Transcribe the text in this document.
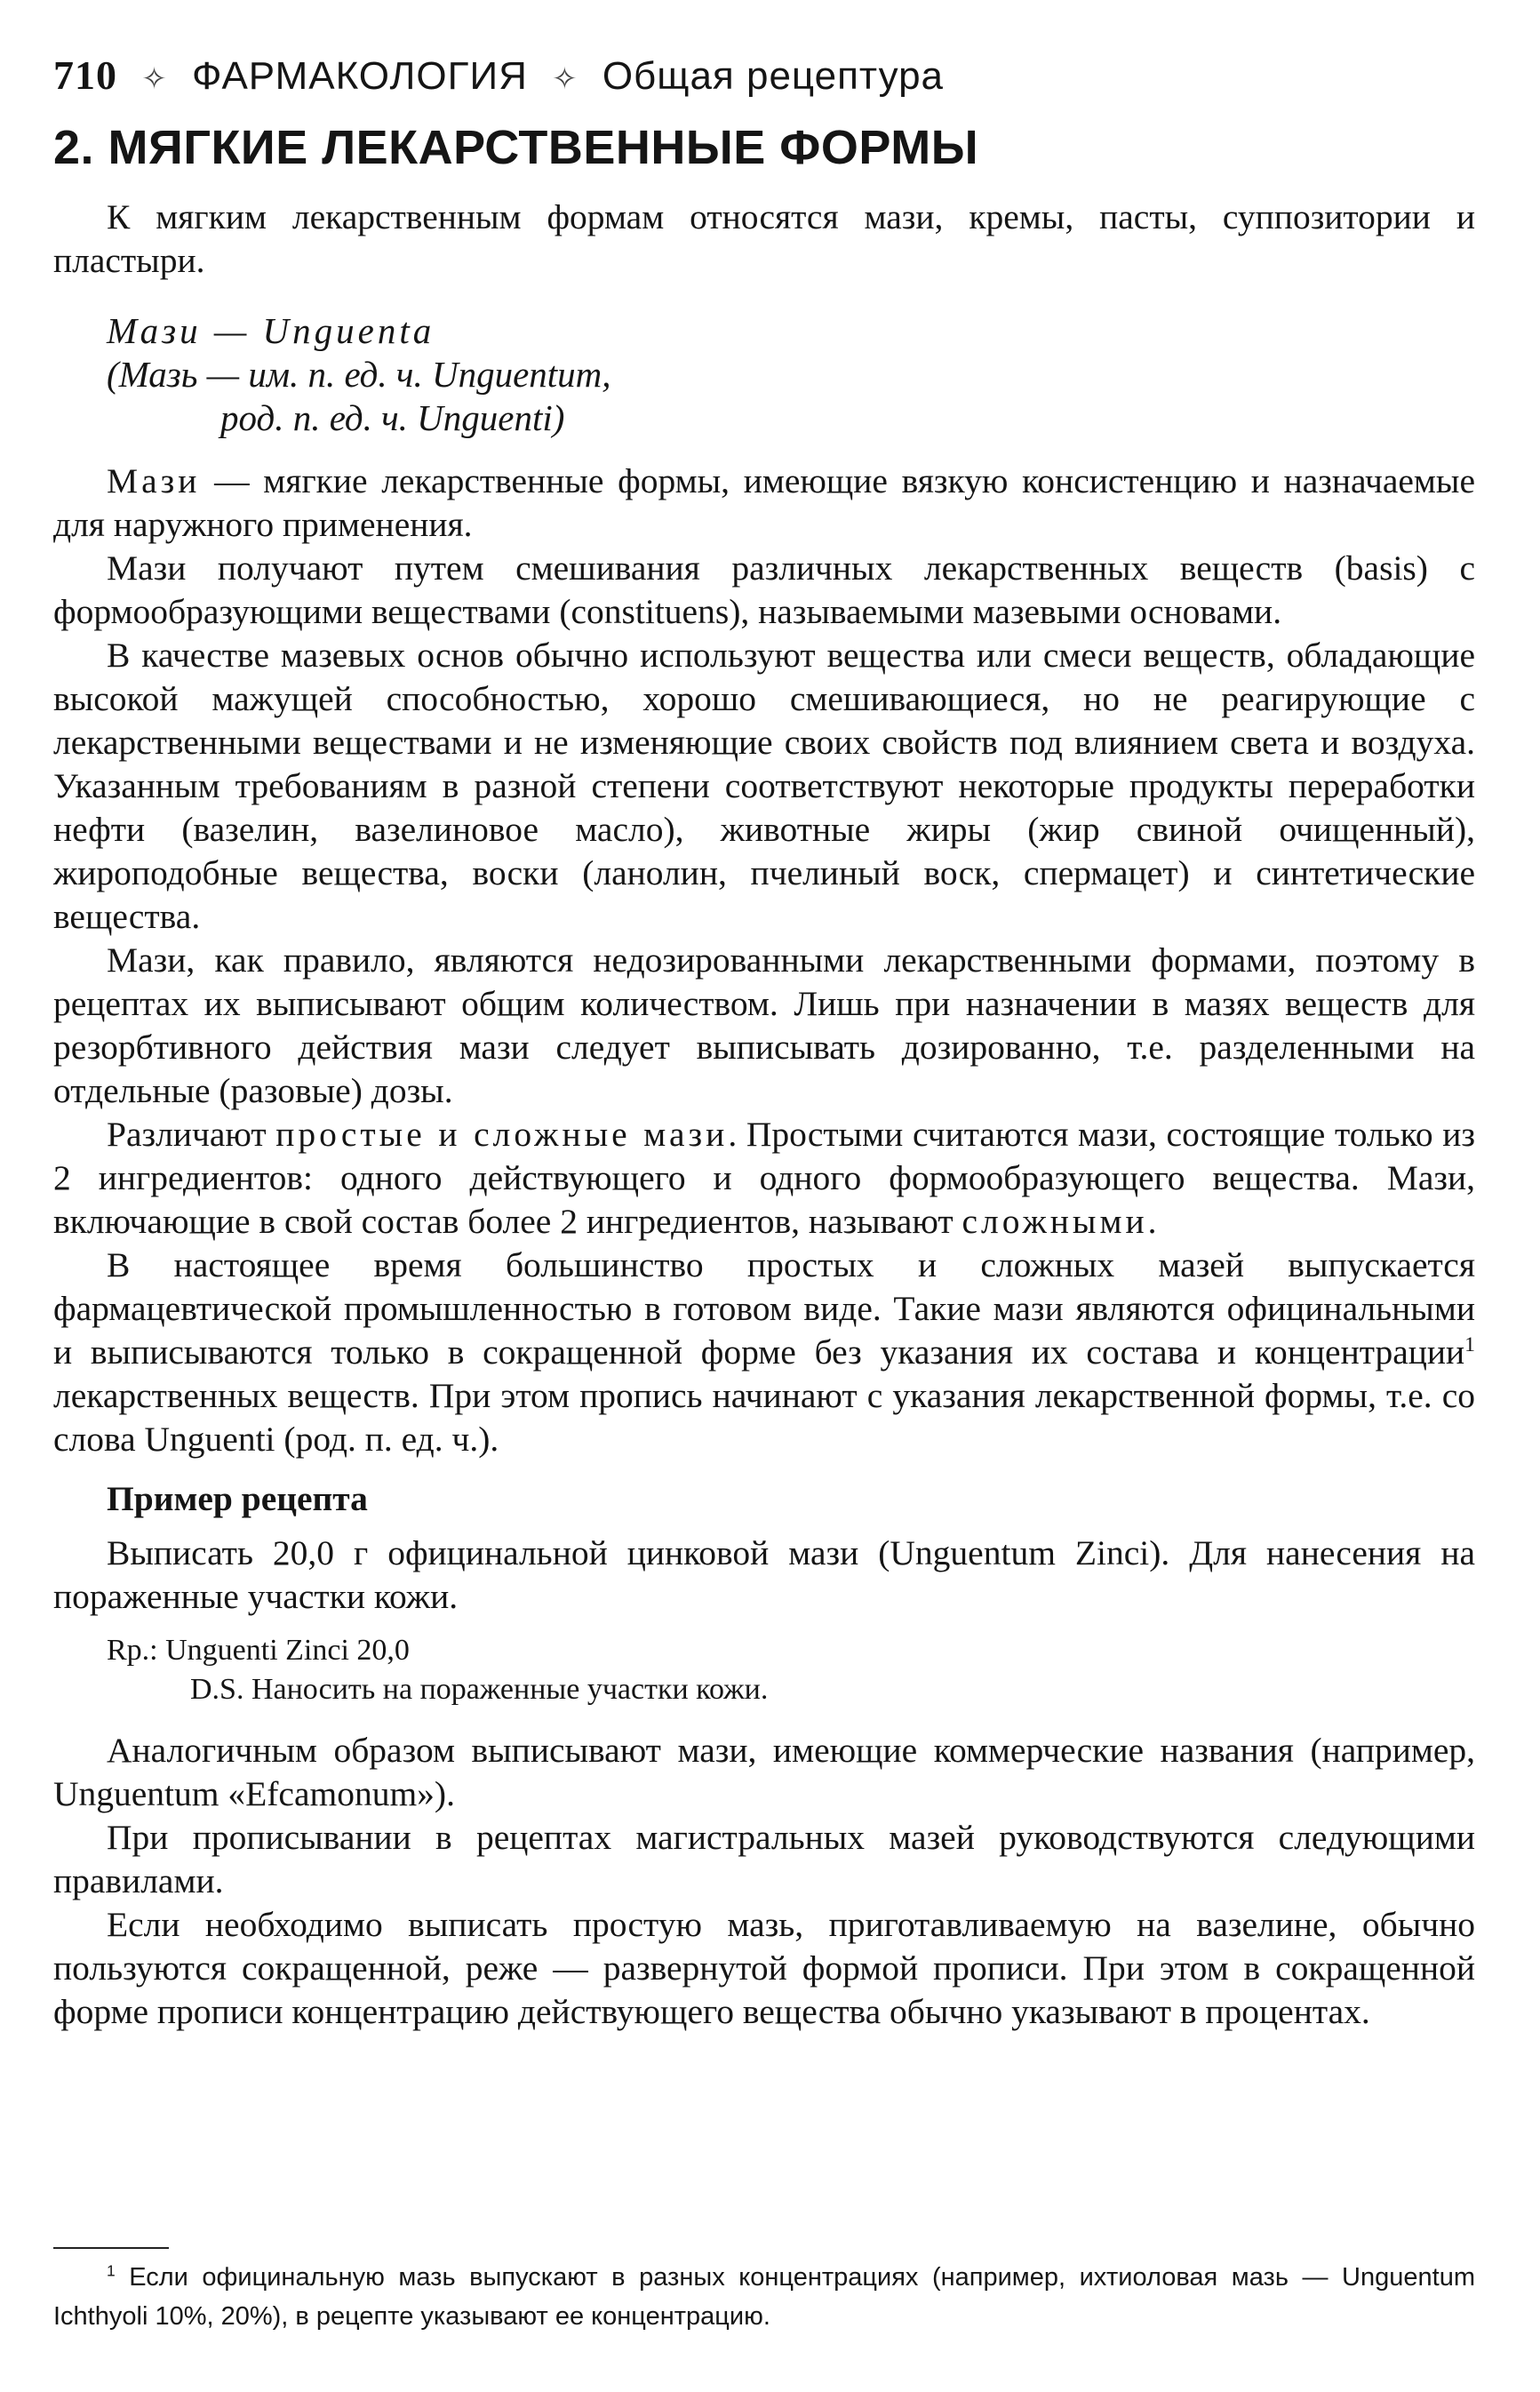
710 ✧ ФАРМАКОЛОГИЯ ✧ Общая рецептура
2. МЯГКИЕ ЛЕКАРСТВЕННЫЕ ФОРМЫ

К мягким лекарственным формам относятся мази, кремы, пасты, суппозитории и пластыри.

Мази — Unguenta
(Мазь — им. п. ед. ч. Unguentum,
род. п. ед. ч. Unguenti)

Мази — мягкие лекарственные формы, имеющие вязкую консистенцию и назначаемые для наружного применения.

Мази получают путем смешивания различных лекарственных веществ (basis) с формообразующими веществами (constituens), называемыми мазевыми основами.

В качестве мазевых основ обычно используют вещества или смеси веществ, обладающие высокой мажущей способностью, хорошо смешивающиеся, но не реагирующие с лекарственными веществами и не изменяющие своих свойств под влиянием света и воздуха. Указанным требованиям в разной степени соответствуют некоторые продукты переработки нефти (вазелин, вазелиновое масло), животные жиры (жир свиной очищенный), жироподобные вещества, воски (ланолин, пчелиный воск, спермацет) и синтетические вещества.

Мази, как правило, являются недозированными лекарственными формами, поэтому в рецептах их выписывают общим количеством. Лишь при назначении в мазях веществ для резорбтивного действия мази следует выписывать дозированно, т.е. разделенными на отдельные (разовые) дозы.

Различают простые и сложные мази. Простыми считаются мази, состоящие только из 2 ингредиентов: одного действующего и одного формообразующего вещества. Мази, включающие в свой состав более 2 ингредиентов, называют сложными.

В настоящее время большинство простых и сложных мазей выпускается фармацевтической промышленностью в готовом виде. Такие мази являются официнальными и выписываются только в сокращенной форме без указания их состава и концентрации$^1$ лекарственных веществ. При этом пропись начинают с указания лекарственной формы, т.е. со слова Unguenti (род. п. ед. ч.).

Пример рецепта

Выписать 20,0 г официнальной цинковой мази (Unguentum Zinci). Для нанесения на пораженные участки кожи.

Rp.: Unguenti Zinci 20,0
D.S. Наносить на пораженные участки кожи.

Аналогичным образом выписывают мази, имеющие коммерческие названия (например, Unguentum «Efcamonum»).

При прописывании в рецептах магистральных мазей руководствуются следующими правилами.

Если необходимо выписать простую мазь, приготавливаемую на вазелине, обычно пользуются сокращенной, реже — развернутой формой прописи. При этом в сокращенной форме прописи концентрацию действующего вещества обычно указывают в процентах.

$^1$ Если официнальную мазь выпускают в разных концентрациях (например, ихтиоловая мазь — Unguentum Ichthyoli 10%, 20%), в рецепте указывают ее концентрацию.
